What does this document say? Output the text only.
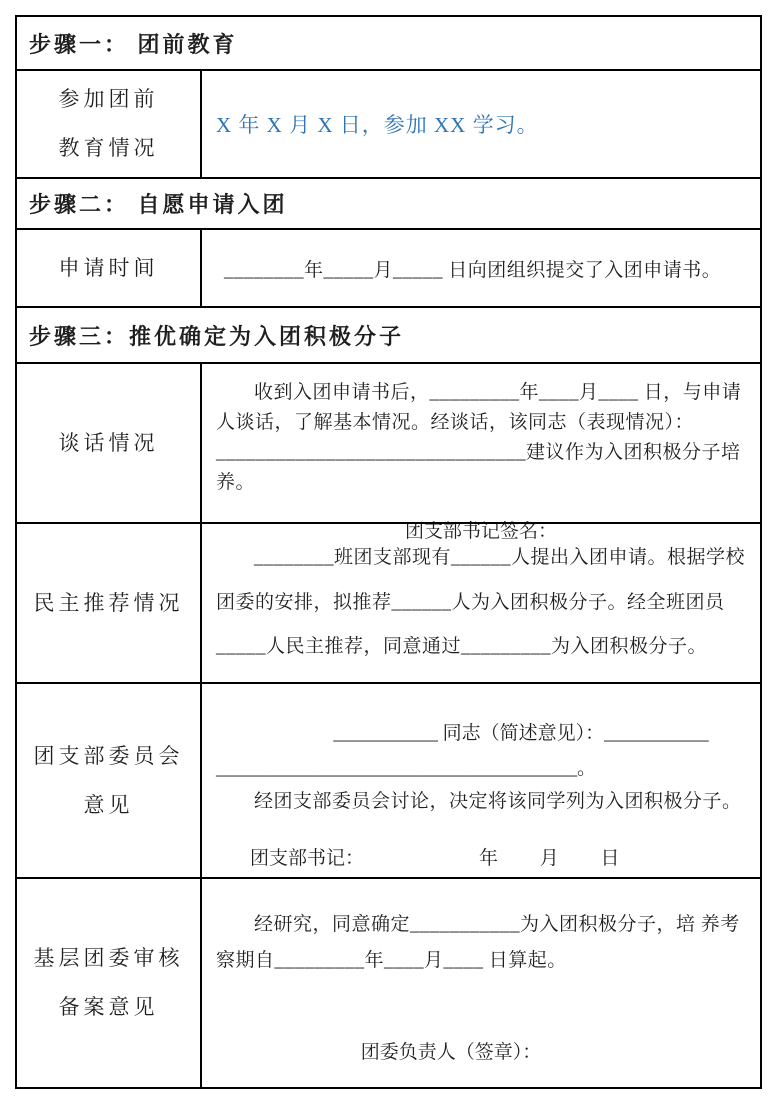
步骤一： 团前教育
参加团前
教育情况
X 年 X 月 X 日，参加 XX 学习。
步骤二： 自愿申请入团
申请时间	________年_____月_____ 日向团组织提交了入团申请书。
步骤三：推优确定为入团积极分子
谈话情况

收到入团申请书后，_________年____月____ 日，与申请人谈话，了解基本情况。经谈话，该同志（表现情况）：_______________________________建议作为入团积极分子培养。

团支部书记签名：
民主推荐情况

________班团支部现有______人提出入团申请。根据学校团委的安排，拟推荐______人为入团积极分子。经全班团员_____人民主推荐，同意通过_________为入团积极分子。

团支部委员会
意见
___________ 同志（简述意见）：___________
______________________________________。
经团支部委员会讨论，决定将该同学列为入团积极分子。
团支部书记：	年　 月　 日
基层团委审核
备案意见

经研究，同意确定___________为入团积极分子，培 养考察期自_________年____月____ 日算起。

团委负责人（签章）：
